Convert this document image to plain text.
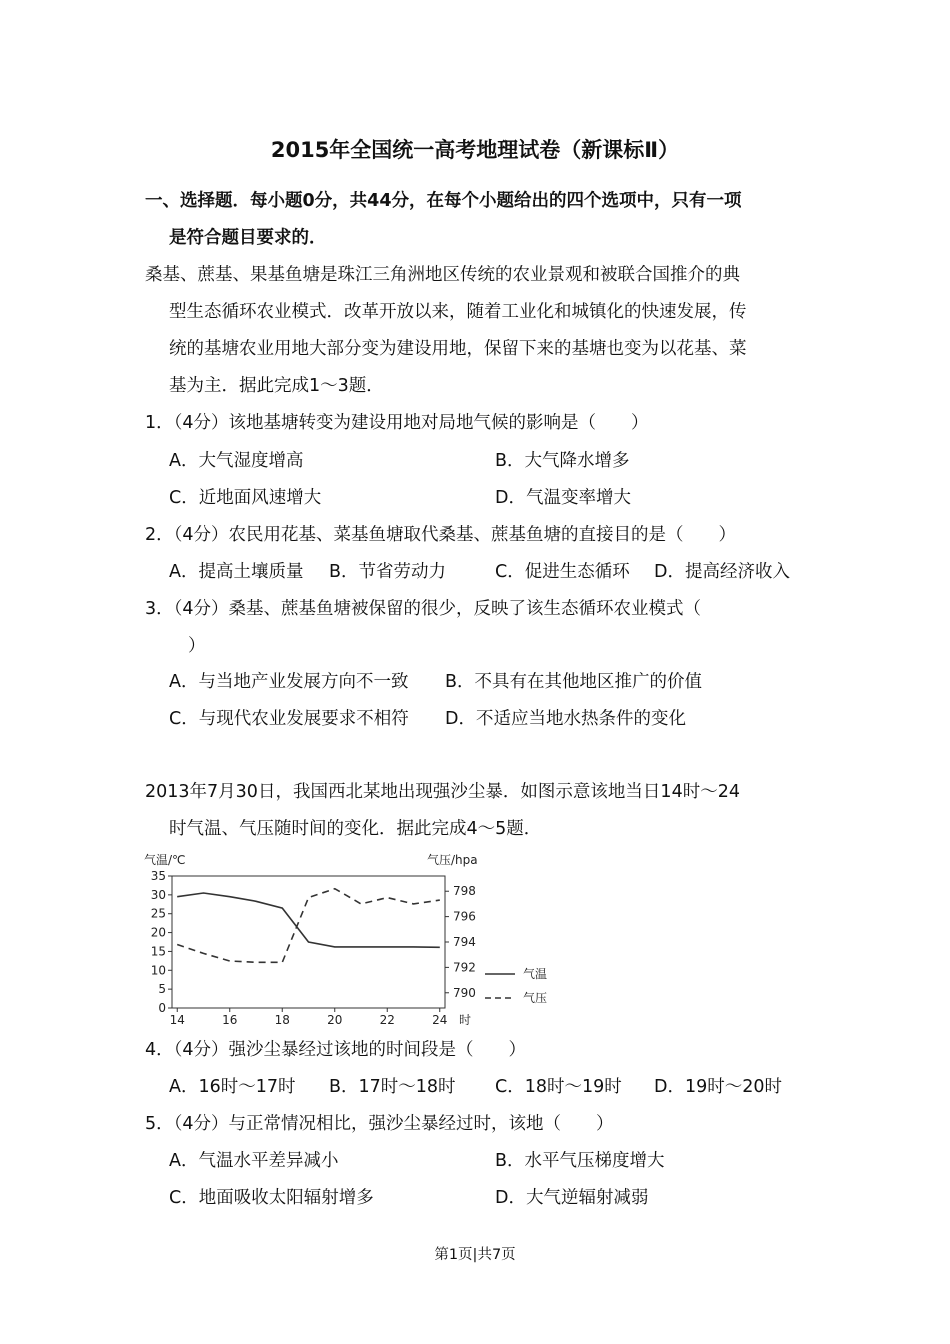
2015年全国统一高考地理试卷（新课标Ⅱ）
一、选择题．每小题0分，共44分，在每个小题给出的四个选项中，只有一项
是符合题目要求的．
桑基、蔗基、果基鱼塘是珠江三角洲地区传统的农业景观和被联合国推介的典
型生态循环农业模式．改革开放以来，随着工业化和城镇化的快速发展，传
统的基塘农业用地大部分变为建设用地，保留下来的基塘也变为以花基、菜
基为主．据此完成1～3题．
1．（4分）该地基塘转变为建设用地对局地气候的影响是（　　）
A．大气湿度增高	B．大气降水增多
C．近地面风速增大	D．气温变率增大
2．（4分）农民用花基、菜基鱼塘取代桑基、蔗基鱼塘的直接目的是（　　）
A．提高土壤质量 B．节省劳动力	C．促进生态循环 D．提高经济收入
3．（4分）桑基、蔗基鱼塘被保留的很少，反映了该生态循环农业模式（
）
A．与当地产业发展方向不一致 B．不具有在其他地区推广的价值
C．与现代农业发展要求不相符 D．不适应当地水热条件的变化
2013年7月30日，我国西北某地出现强沙尘暴．如图示意该地当日14时～24
时气温、气压随时间的变化．据此完成4～5题．
0
5
10
15
20
25
30
35
790
792
794
796
798
14	16	18	20	22	24 时
气温/℃	气压/hpa
气温
气压
4．（4分）强沙尘暴经过该地的时间段是（　　）
A．16时～17时 B．17时～18时 C．18时～19时 D．19时～20时
5．（4分）与正常情况相比，强沙尘暴经过时，该地（　　）
A．气温水平差异减小	B．水平气压梯度增大
C．地面吸收太阳辐射增多	D．大气逆辐射减弱
第1页|共7页
